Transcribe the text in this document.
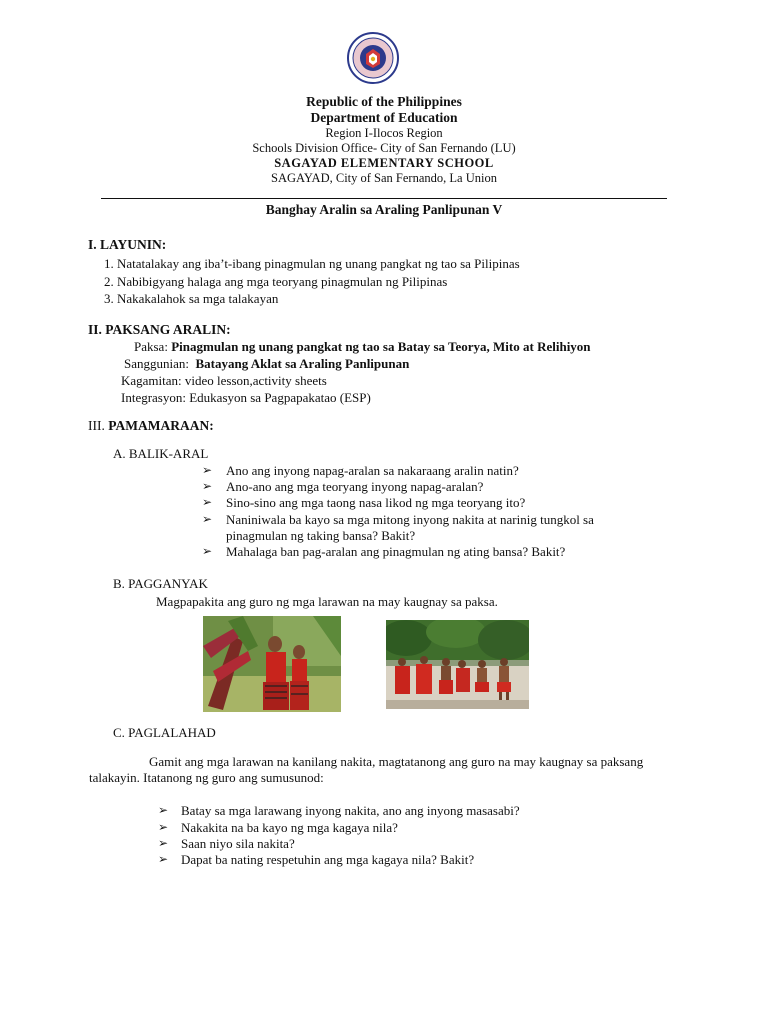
Republic of the Philippines
Department of Education
Region I-Ilocos Region
Schools Division Office- City of San Fernando (LU)
SAGAYAD ELEMENTARY SCHOOL
SAGAYAD, City of San Fernando, La Union
Banghay Aralin sa Araling Panlipunan V
I. LAYUNIN:
1. Natatalakay ang iba’t-ibang pinagmulan ng unang pangkat ng tao sa Pilipinas
2. Nabibigyang halaga ang mga teoryang pinagmulan ng Pilipinas
3. Nakakalahok sa mga talakayan
II. PAKSANG ARALIN:
Paksa: Pinagmulan ng unang pangkat ng tao sa Batay sa Teorya, Mito at Relihiyon
Sanggunian: Batayang Aklat sa Araling Panlipunan
Kagamitan: video lesson,activity sheets
Integrasyon: Edukasyon sa Pagpapakatao (ESP)
III. PAMAMARAAN:
A. BALIK-ARAL
➢ Ano ang inyong napag-aralan sa nakaraang aralin natin?
➢ Ano-ano ang mga teoryang inyong napag-aralan?
➢ Sino-sino ang mga taong nasa likod ng mga teoryang ito?
➢ Naniniwala ba kayo sa mga mitong inyong nakita at narinig tungkol sa
pinagmulan ng taking bansa? Bakit?
➢ Mahalaga ban pag-aralan ang pinagmulan ng ating bansa? Bakit?
B. PAGGANYAK
Magpapakita ang guro ng mga larawan na may kaugnay sa paksa.
C. PAGLALAHAD
Gamit ang mga larawan na kanilang nakita, magtatanong ang guro na may kaugnay sa paksang
talakayin. Itatanong ng guro ang sumusunod:
➢ Batay sa mga larawang inyong nakita, ano ang inyong masasabi?
➢ Nakakita na ba kayo ng mga kagaya nila?
➢ Saan niyo sila nakita?
➢ Dapat ba nating respetuhin ang mga kagaya nila? Bakit?
